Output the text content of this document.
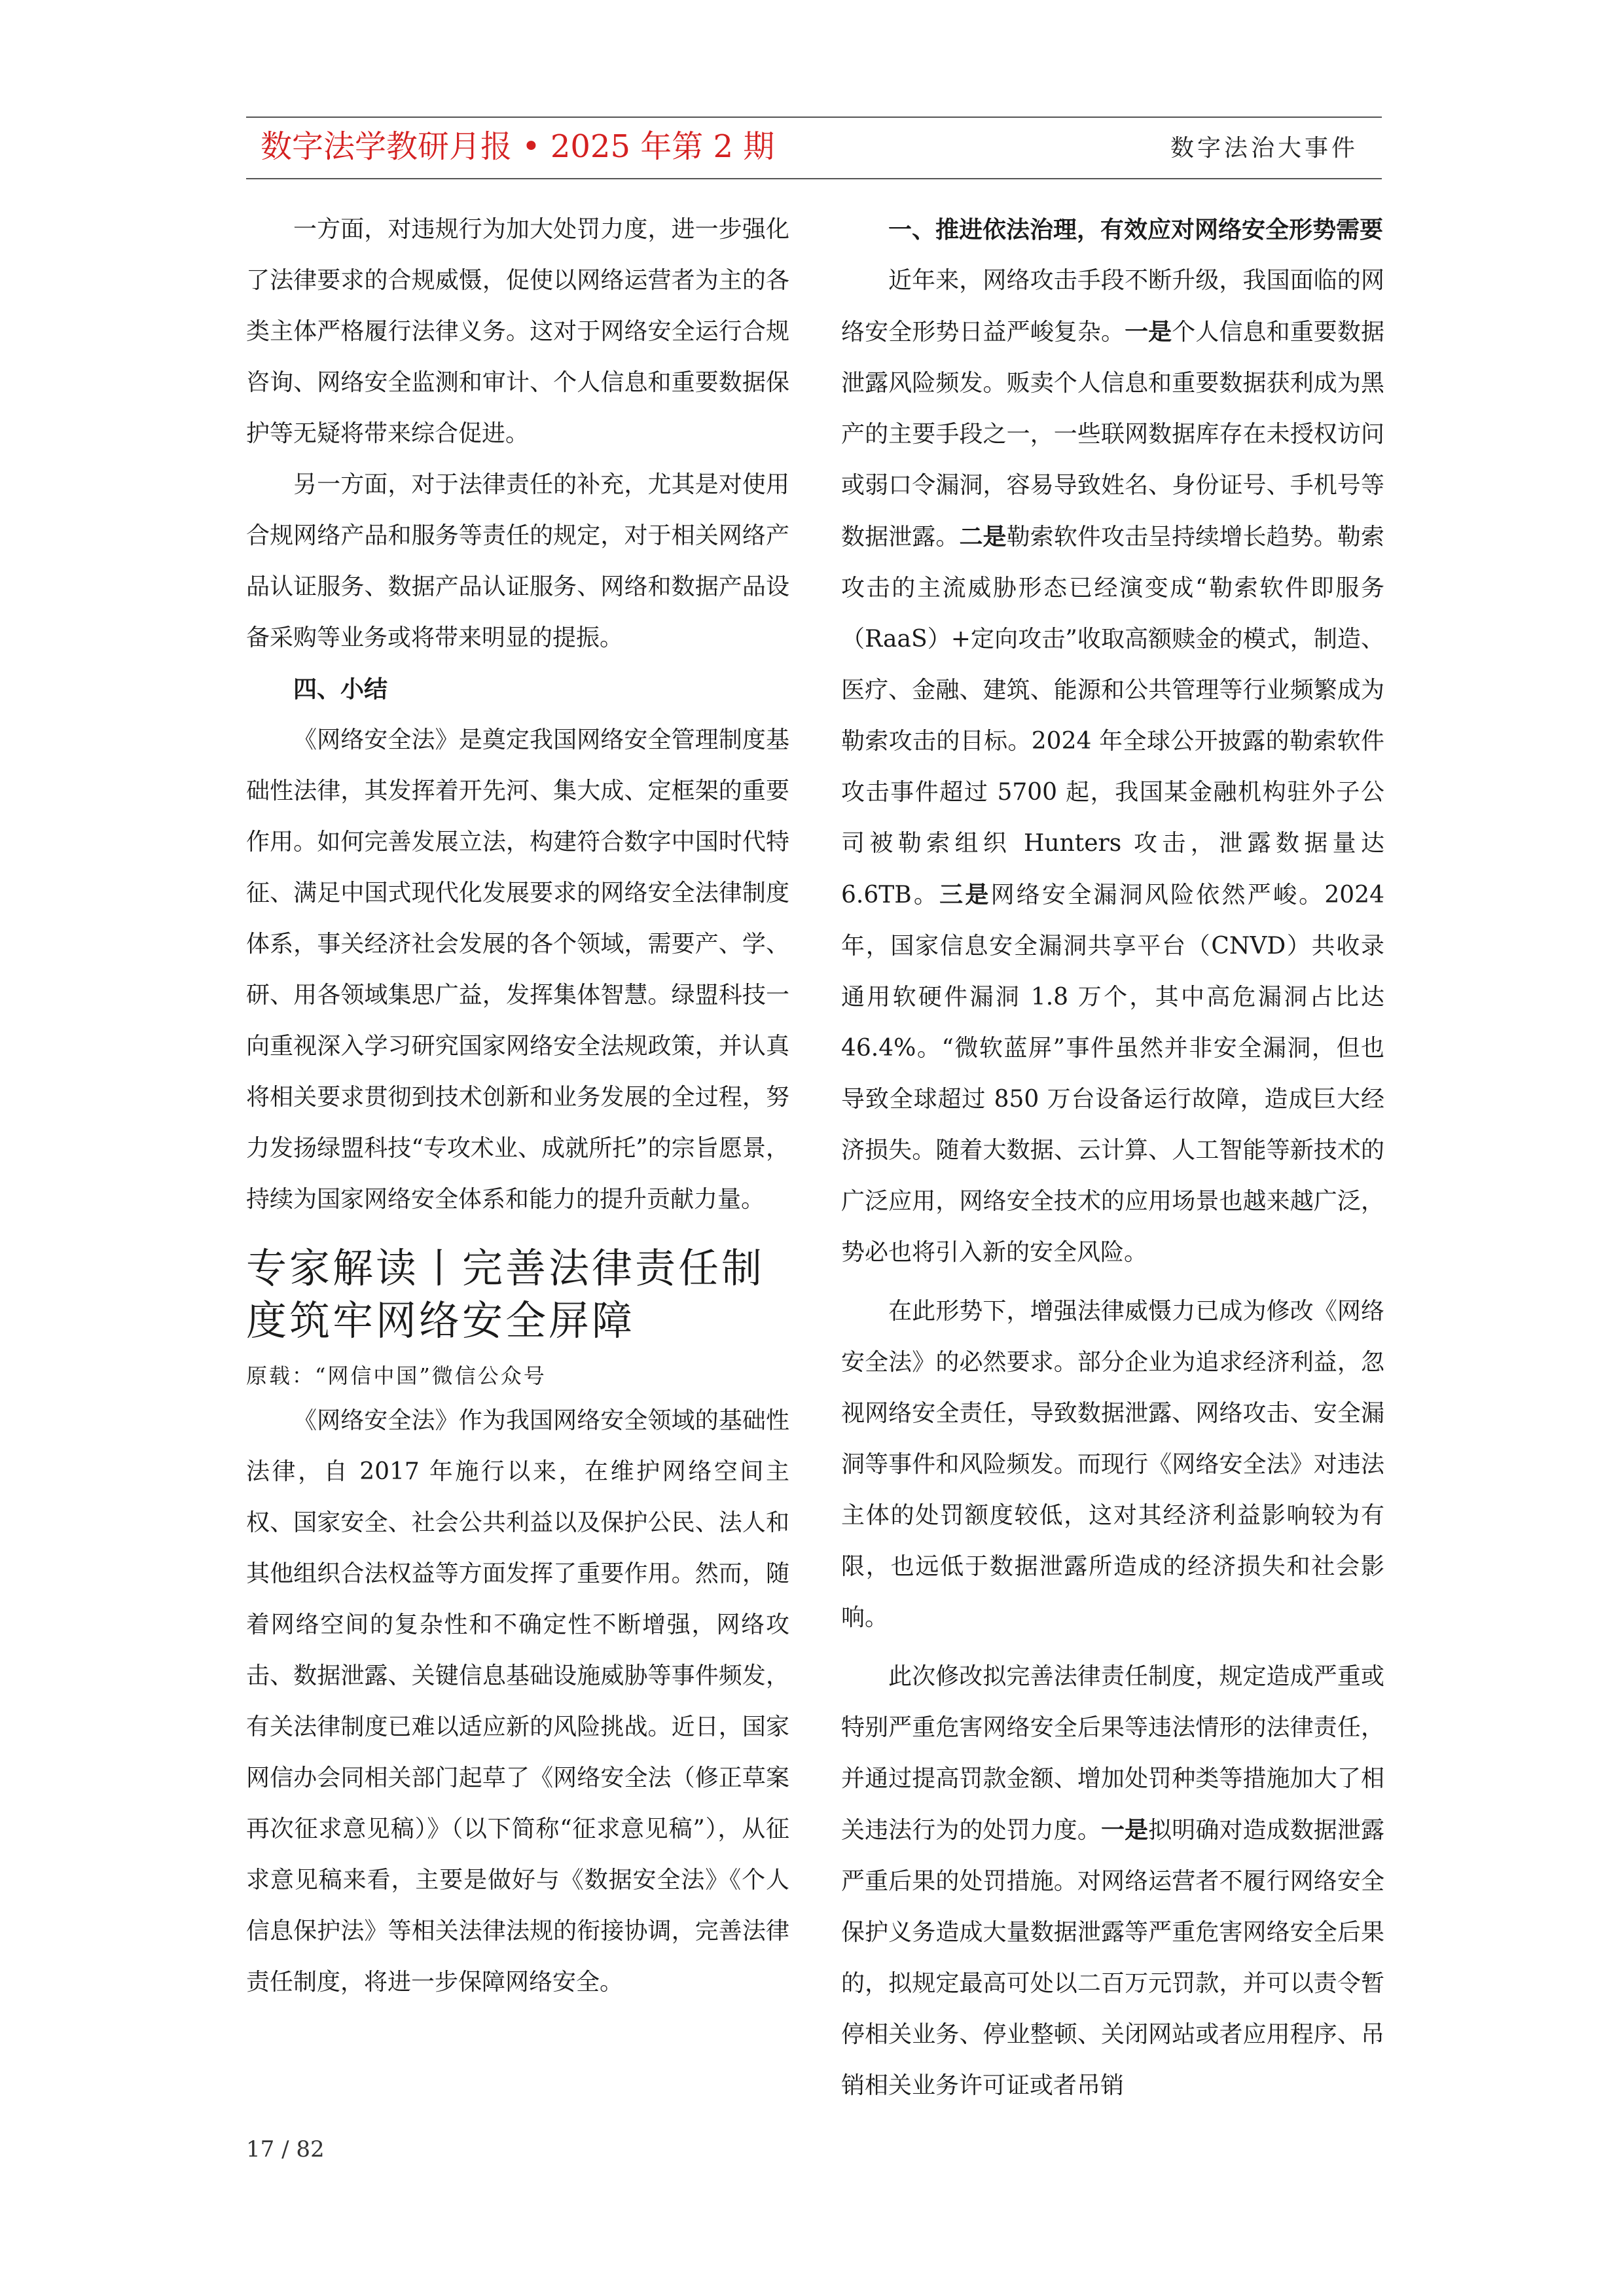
数字法学教研月报 • 2025 年第 2 期	数字法治大事件

一方面，对违规行为加大处罚力度，进一步强化了法律要求的合规威慑，促使以网络运营者为主的各类主体严格履行法律义务。这对于网络安全运行合规咨询、网络安全监测和审计、个人信息和重要数据保护等无疑将带来综合促进。

另一方面，对于法律责任的补充，尤其是对使用合规网络产品和服务等责任的规定，对于相关网络产品认证服务、数据产品认证服务、网络和数据产品设备采购等业务或将带来明显的提振。

四、小结

《网络安全法》是奠定我国网络安全管理制度基础性法律，其发挥着开先河、集大成、定框架的重要作用。如何完善发展立法，构建符合数字中国时代特征、满足中国式现代化发展要求的网络安全法律制度体系，事关经济社会发展的各个领域，需要产、学、研、用各领域集思广益，发挥集体智慧。绿盟科技一向重视深入学习研究国家网络安全法规政策，并认真将相关要求贯彻到技术创新和业务发展的全过程，努力发扬绿盟科技“专攻术业、成就所托”的宗旨愿景，持续为国家网络安全体系和能力的提升贡献力量。

专家解读丨完善法律责任制度筑牢网络安全屏障

原载：“网信中国”微信公众号

《网络安全法》作为我国网络安全领域的基础性法律，自 2017 年施行以来，在维护网络空间主权、国家安全、社会公共利益以及保护公民、法人和其他组织合法权益等方面发挥了重要作用。然而，随着网络空间的复杂性和不确定性不断增强，网络攻击、数据泄露、关键信息基础设施威胁等事件频发，有关法律制度已难以适应新的风险挑战。近日，国家网信办会同相关部门起草了《网络安全法（修正草案再次征求意见稿）》（以下简称“征求意见稿”），从征求意见稿来看，主要是做好与《数据安全法》《个人信息保护法》等相关法律法规的衔接协调，完善法律责任制度，将进一步保障网络安全。

一、推进依法治理，有效应对网络安全形势需要

近年来，网络攻击手段不断升级，我国面临的网络安全形势日益严峻复杂。一是个人信息和重要数据泄露风险频发。贩卖个人信息和重要数据获利成为黑产的主要手段之一，一些联网数据库存在未授权访问或弱口令漏洞，容易导致姓名、身份证号、手机号等数据泄露。二是勒索软件攻击呈持续增长趋势。勒索攻击的主流威胁形态已经演变成“勒索软件即服务（RaaS）+定向攻击”收取高额赎金的模式，制造、医疗、金融、建筑、能源和公共管理等行业频繁成为勒索攻击的目标。2024 年全球公开披露的勒索软件攻击事件超过 5700 起，我国某金融机构驻外子公司被勒索组织 Hunters 攻击，泄露数据量达 6.6TB。三是网络安全漏洞风险依然严峻。2024 年，国家信息安全漏洞共享平台（CNVD）共收录通用软硬件漏洞 1.8 万个，其中高危漏洞占比达 46.4%。“微软蓝屏”事件虽然并非安全漏洞，但也导致全球超过 850 万台设备运行故障，造成巨大经济损失。随着大数据、云计算、人工智能等新技术的广泛应用，网络安全技术的应用场景也越来越广泛，势必也将引入新的安全风险。

在此形势下，增强法律威慑力已成为修改《网络安全法》的必然要求。部分企业为追求经济利益，忽视网络安全责任，导致数据泄露、网络攻击、安全漏洞等事件和风险频发。而现行《网络安全法》对违法主体的处罚额度较低，这对其经济利益影响较为有限，也远低于数据泄露所造成的经济损失和社会影响。

此次修改拟完善法律责任制度，规定造成严重或特别严重危害网络安全后果等违法情形的法律责任，并通过提高罚款金额、增加处罚种类等措施加大了相关违法行为的处罚力度。一是拟明确对造成数据泄露严重后果的处罚措施。对网络运营者不履行网络安全保护义务造成大量数据泄露等严重危害网络安全后果的，拟规定最高可处以二百万元罚款，并可以责令暂停相关业务、停业整顿、关闭网站或者应用程序、吊销相关业务许可证或者吊销

17 / 82
